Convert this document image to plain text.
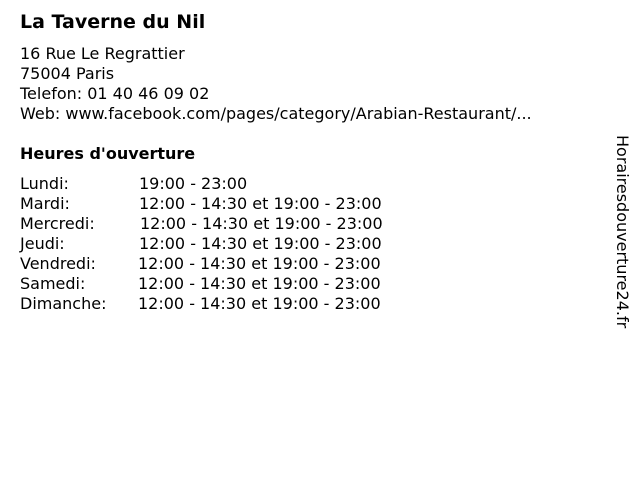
La Taverne du Nil
16 Rue Le Regrattier
75004 Paris
Telefon: 01 40 46 09 02
Web: www.facebook.com/pages/category/Arabian-Restaurant/...
Heures d'ouverture
Lundi:	19:00 - 23:00
Mardi:	12:00 - 14:30 et 19:00 - 23:00
Mercredi:	12:00 - 14:30 et 19:00 - 23:00
Jeudi:	12:00 - 14:30 et 19:00 - 23:00
Vendredi:	12:00 - 14:30 et 19:00 - 23:00
Samedi:	12:00 - 14:30 et 19:00 - 23:00
Dimanche: 12:00 - 14:30 et 19:00 - 23:00	Horairesdouverture24.fr
